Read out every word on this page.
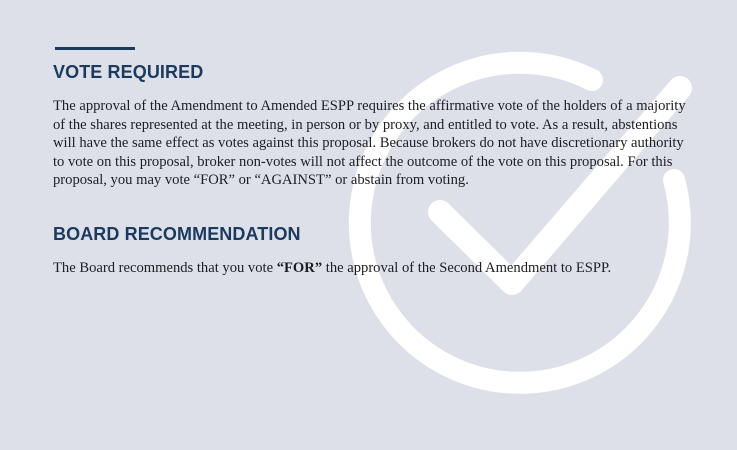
VOTE REQUIRED

The approval of the Amendment to Amended ESPP requires the affirmative vote of the holders of a majority of the shares represented at the meeting, in person or by proxy, and entitled to vote. As a result, abstentions will have the same effect as votes against this proposal. Because brokers do not have discretionary authority to vote on this proposal, broker non-votes will not affect the outcome of the vote on this proposal. For this proposal, you may vote “FOR” or “AGAINST” or abstain from voting.

BOARD RECOMMENDATION

The Board recommends that you vote “FOR” the approval of the Second Amendment to ESPP.
